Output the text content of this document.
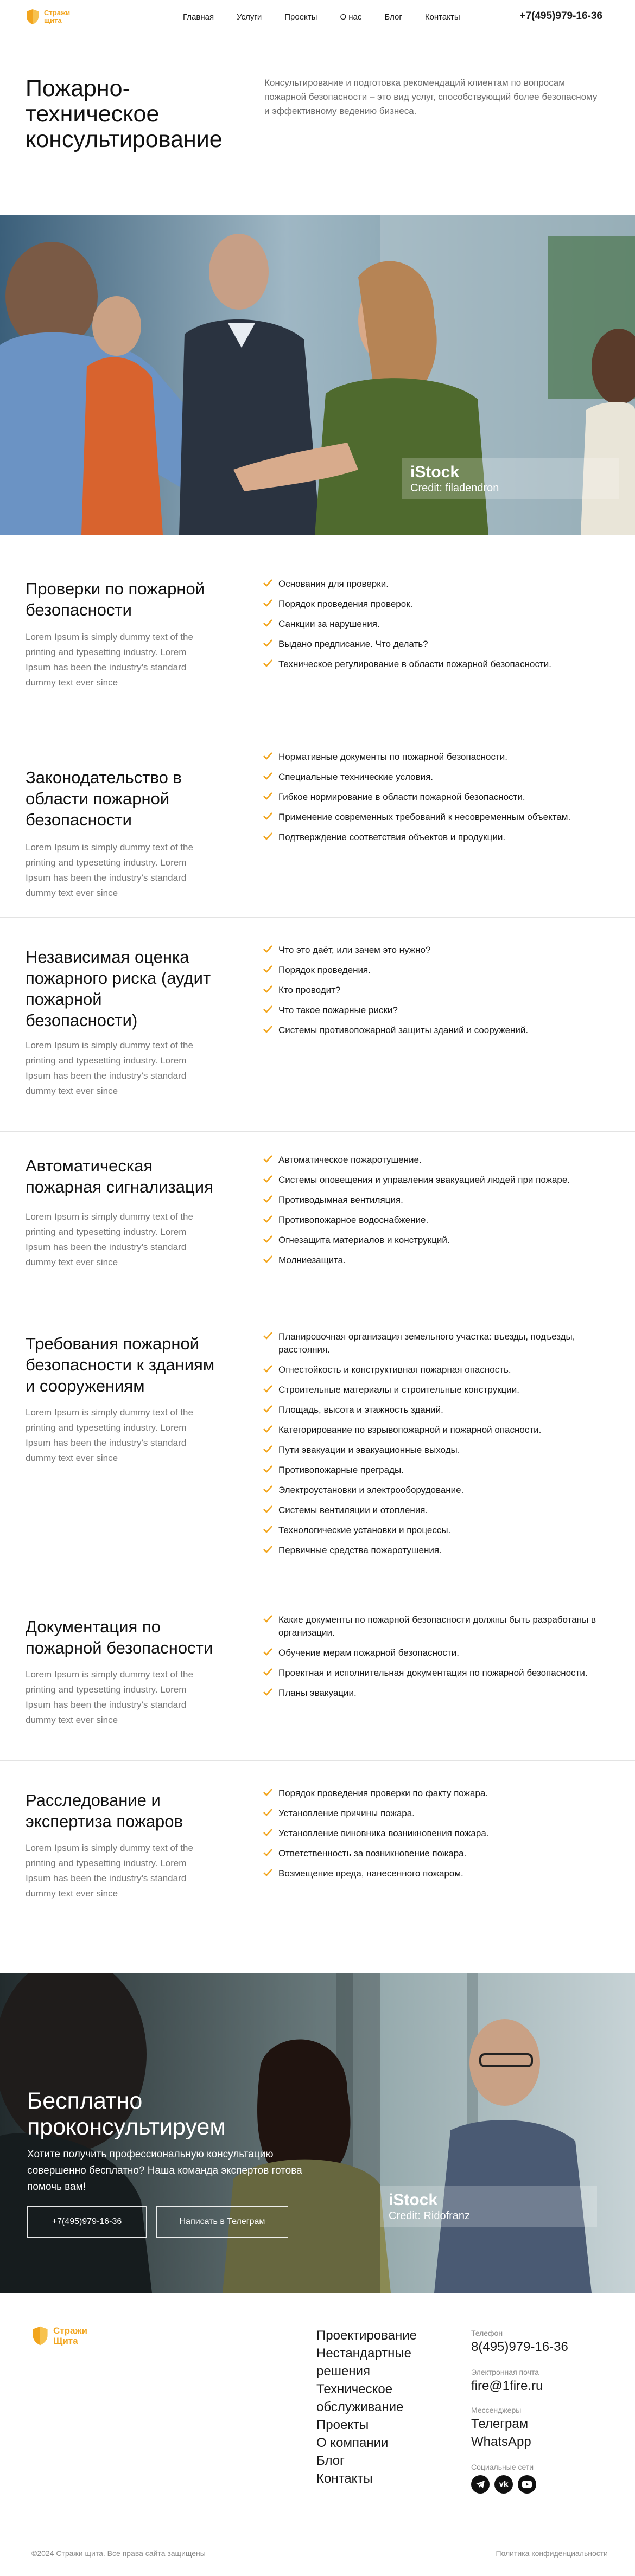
Стражи
щита	Главная	Услуги	Проекты	О нас	Блог	Контакты	+7(495)979-16-36
Пожарно-техническое консультирование

Консультирование и подготовка рекомендаций клиентам по вопросам пожарной безопасности – это вид услуг, способствующий более безопасному и эффективному ведению бизнеса.

iStock
Credit: filadendron
Проверки по пожарной безопасности

Lorem Ipsum is simply dummy text of the printing and typesetting industry. Lorem Ipsum has been the industry's standard dummy text ever since

Основания для проверки.
Порядок проведения проверок.
Санкции за нарушения.
Выдано предписание. Что делать?
Техническое регулирование в области пожарной безопасности.
Законодательство в области пожарной безопасности

Lorem Ipsum is simply dummy text of the printing and typesetting industry. Lorem Ipsum has been the industry's standard dummy text ever since

Нормативные документы по пожарной безопасности.
Специальные технические условия.
Гибкое нормирование в области пожарной безопасности.
Применение современных требований к несовременным объектам.
Подтверждение соответствия объектов и продукции.
Независимая оценка пожарного риска (аудит пожарной безопасности)

Lorem Ipsum is simply dummy text of the printing and typesetting industry. Lorem Ipsum has been the industry's standard dummy text ever since

Что это даёт, или зачем это нужно?
Порядок проведения.
Кто проводит?
Что такое пожарные риски?
Системы противопожарной защиты зданий и сооружений.
Автоматическая пожарная сигнализация

Lorem Ipsum is simply dummy text of the printing and typesetting industry. Lorem Ipsum has been the industry's standard dummy text ever since

Автоматическое пожаротушение.
Системы оповещения и управления эвакуацией людей при пожаре.
Противодымная вентиляция.
Противопожарное водоснабжение.
Огнезащита материалов и конструкций.
Молниезащита.
Требования пожарной безопасности к зданиям и сооружениям

Lorem Ipsum is simply dummy text of the printing and typesetting industry. Lorem Ipsum has been the industry's standard dummy text ever since

Планировочная организация земельного участка: въезды, подъезды, расстояния.
Огнестойкость и конструктивная пожарная опасность.
Строительные материалы и строительные конструкции.
Площадь, высота и этажность зданий.
Категорирование по взрывопожарной и пожарной опасности.
Пути эвакуации и эвакуационные выходы.
Противопожарные преграды.
Электроустановки и электрооборудование.
Системы вентиляции и отопления.
Технологические установки и процессы.
Первичные средства пожаротушения.
Документация по пожарной безопасности

Lorem Ipsum is simply dummy text of the printing and typesetting industry. Lorem Ipsum has been the industry's standard dummy text ever since

Какие документы по пожарной безопасности должны быть разработаны в организации.
Обучение мерам пожарной безопасности.
Проектная и исполнительная документация по пожарной безопасности.
Планы эвакуации.
Расследование и экспертиза пожаров

Lorem Ipsum is simply dummy text of the printing and typesetting industry. Lorem Ipsum has been the industry's standard dummy text ever since

Порядок проведения проверки по факту пожара.
Установление причины пожара.
Установление виновника возникновения пожара.
Ответственность за возникновение пожара.
Возмещение вреда, нанесенного пожаром.
Бесплатно проконсультируем

Хотите получить профессиональную консультацию совершенно бесплатно? Наша команда экспертов готова помочь вам!

+7(495)979-16-36	Написать в Телеграм
iStock
Credit: Ridofranz
Стражи
Щита	Проектирование
Нестандартные решения
Техническое обслуживание
Проекты
О компании
Блог
Контакты
Телефон
8(495)979-16-36
Электронная почта
fire@1fire.ru
Мессенджеры
Телеграм
WhatsApp
Социальные сети
vk
©2024 Стражи щита. Все права сайта защищены	Политика конфиденциальности
